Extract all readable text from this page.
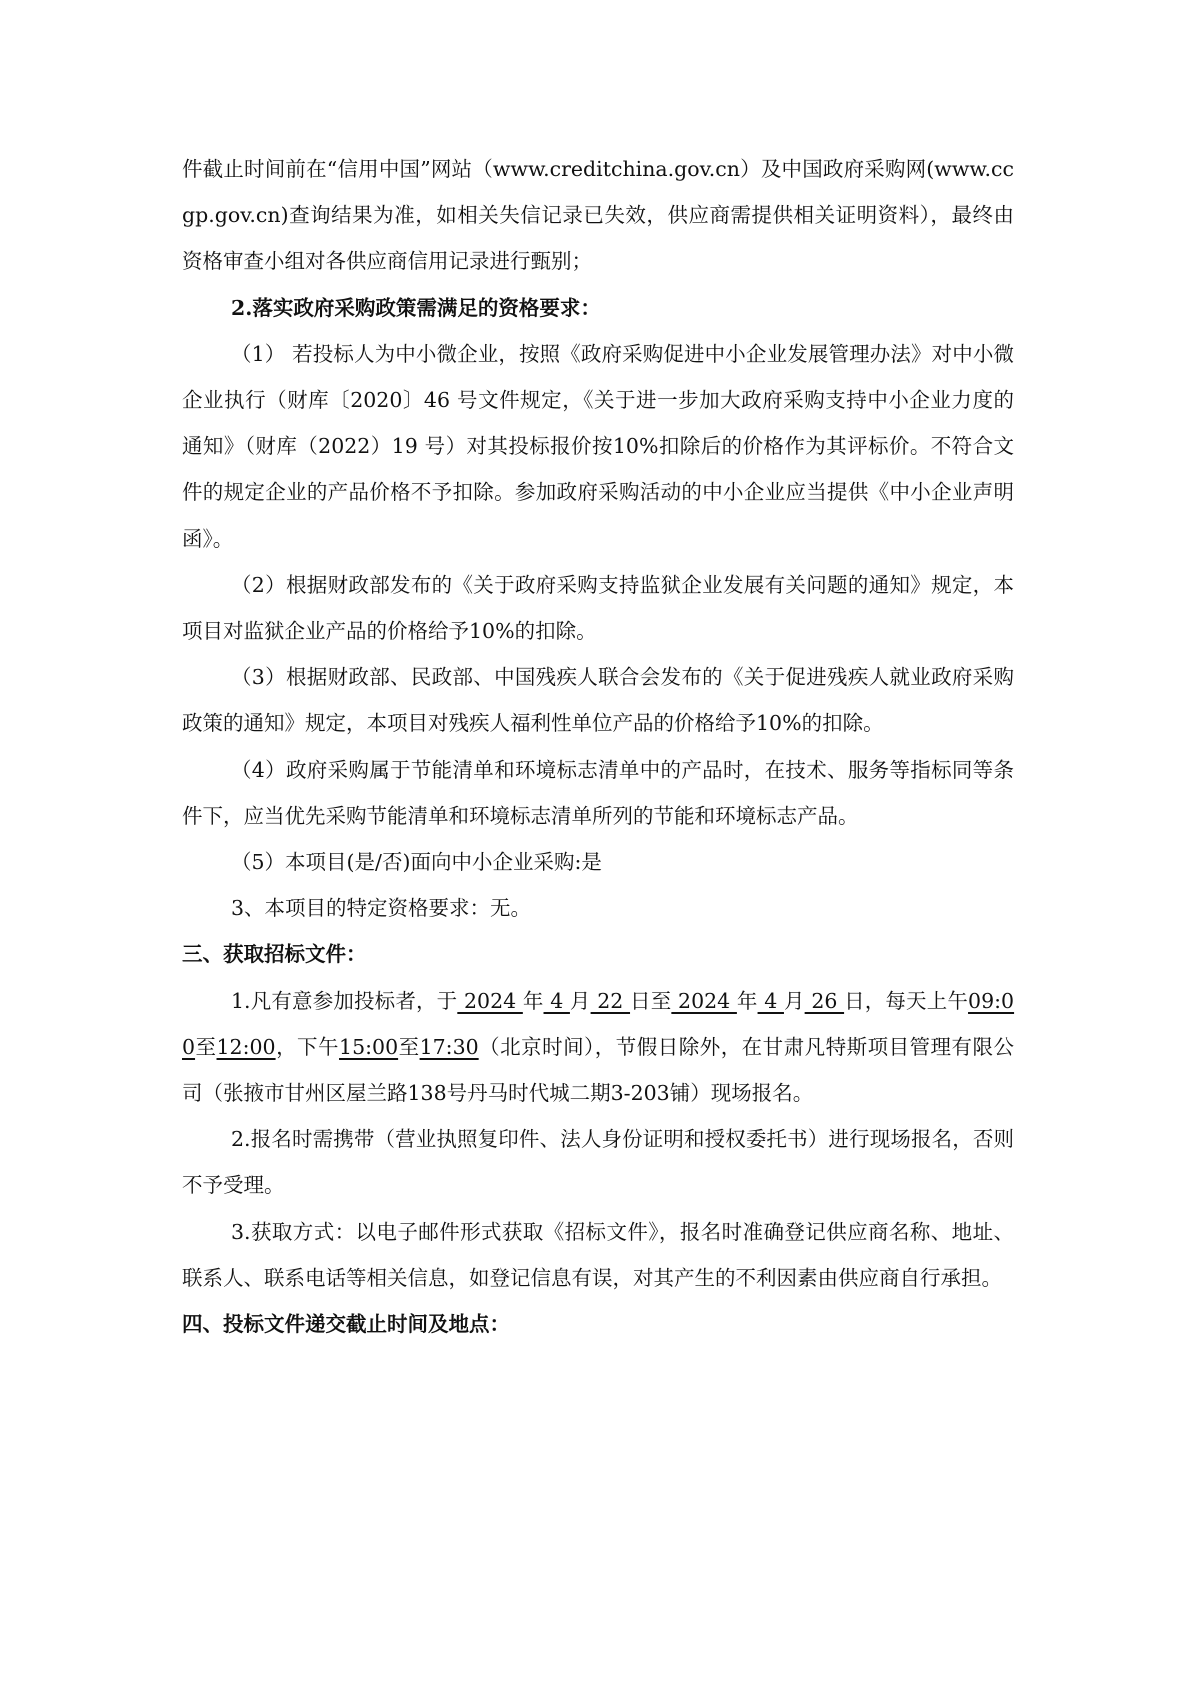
件截止时间前在“信用中国”网站（www.creditchina.gov.cn）及中国政府采购网(www.ccgp.gov.cn)查询结果为准，如相关失信记录已失效，供应商需提供相关证明资料），最终由资格审查小组对各供应商信用记录进行甄别；

2.落实政府采购政策需满足的资格要求：

（1） 若投标人为中小微企业，按照《政府采购促进中小企业发展管理办法》对中小微企业执行（财库〔2020〕46 号文件规定，《关于进一步加大政府采购支持中小企业力度的通知》（财库（2022）19 号）对其投标报价按10%扣除后的价格作为其评标价。不符合文件的规定企业的产品价格不予扣除。参加政府采购活动的中小企业应当提供《中小企业声明函》。

（2）根据财政部发布的《关于政府采购支持监狱企业发展有关问题的通知》规定，本项目对监狱企业产品的价格给予10%的扣除。

（3）根据财政部、民政部、中国残疾人联合会发布的《关于促进残疾人就业政府采购政策的通知》规定，本项目对残疾人福利性单位产品的价格给予10%的扣除。

（4）政府采购属于节能清单和环境标志清单中的产品时，在技术、服务等指标同等条件下，应当优先采购节能清单和环境标志清单所列的节能和环境标志产品。

（5）本项目(是/否)面向中小企业采购:是

3、本项目的特定资格要求：无。

三、获取招标文件：

1.凡有意参加投标者，于 2024 年 4 月 22 日至 2024 年 4 月 26 日，每天上午09:00至12:00，下午15:00至17:30（北京时间），节假日除外，在甘肃凡特斯项目管理有限公司（张掖市甘州区屋兰路138号丹马时代城二期3-203铺）现场报名。

2.报名时需携带（营业执照复印件、法人身份证明和授权委托书）进行现场报名，否则不予受理。

3.获取方式：以电子邮件形式获取《招标文件》，报名时准确登记供应商名称、地址、联系人、联系电话等相关信息，如登记信息有误，对其产生的不利因素由供应商自行承担。

四、投标文件递交截止时间及地点：
